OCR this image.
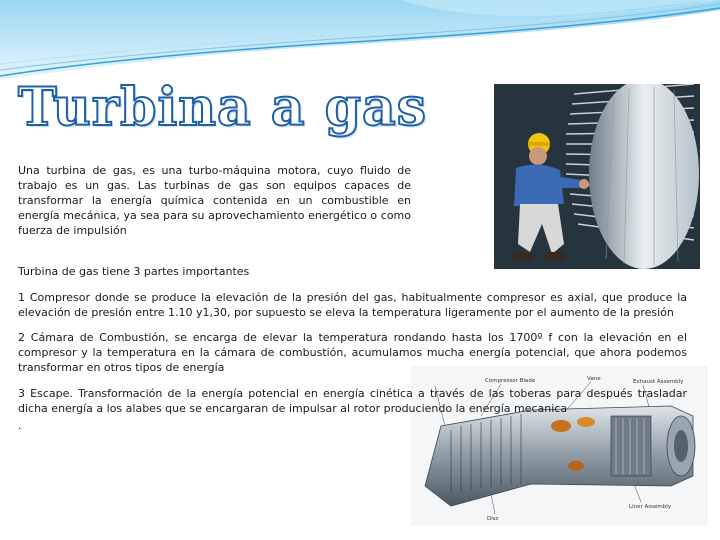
Turbina a gas

Una turbina de gas, es una turbo-máquina motora, cuyo fluido de trabajo es un gas. Las turbinas de gas son equipos capaces de transformar la energía química contenida en un combustible en energía mecánica, ya sea para su aprovechamiento energético o como fuerza de impulsión

Turbina de gas tiene 3 partes importantes

1 Compresor donde se produce la elevación de la presión del gas, habitualmente compresor es axial, que produce la elevación de presión entre 1.10 y1,30, por supuesto se eleva la temperatura ligeramente por el aumento de la presión

2 Cámara de Combustión, se encarga de elevar la temperatura rondando hasta los 1700º f con la elevación en el compresor y la temperatura en la cámara de combustión, acumulamos mucha energía potencial, que ahora podemos transformar en otros tipos de energía

Compressor Blade	Vane	Exhaust Assembly
Disc
Liner Assembly

3 Escape. Transformación de la energía potencial en energía cinética a través de las toberas para después trasladar dicha energía a los alabes que se encargaran de impulsar al rotor produciendo la energía mecanica

.
